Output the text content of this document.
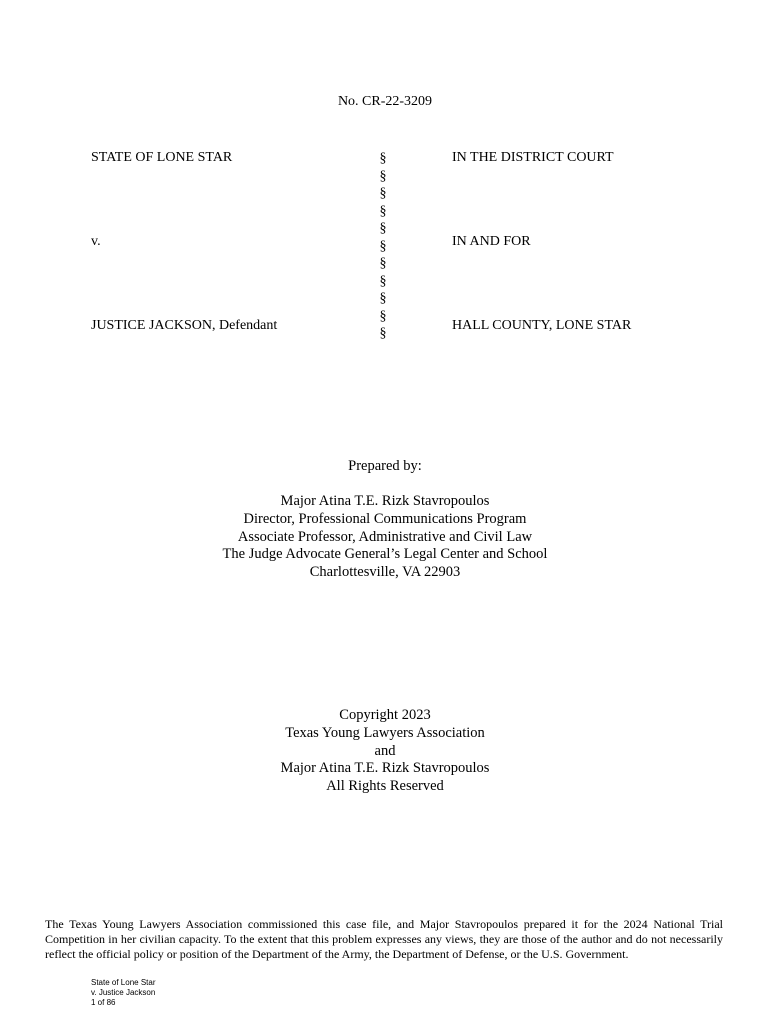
No. CR-22-3209
STATE OF LONE STAR
v.
JUSTICE JACKSON, Defendant
§
§
§
§
§
§
§
§
§
§
§
IN THE DISTRICT COURT
IN AND FOR
HALL COUNTY, LONE STAR
Prepared by:
Major Atina T.E. Rizk Stavropoulos
Director, Professional Communications Program
Associate Professor, Administrative and Civil Law
The Judge Advocate General’s Legal Center and School
Charlottesville, VA 22903
Copyright 2023
Texas Young Lawyers Association
and
Major Atina T.E. Rizk Stavropoulos
All Rights Reserved
The Texas Young Lawyers Association commissioned this case file, and Major Stavropoulos prepared it for the 2024 National Trial Competition in her civilian capacity. To the extent that this problem expresses any views, they are those of the author and do not necessarily reflect the official policy or position of the Department of the Army, the Department of Defense, or the U.S. Government.
State of Lone Star
v. Justice Jackson
1 of 86
